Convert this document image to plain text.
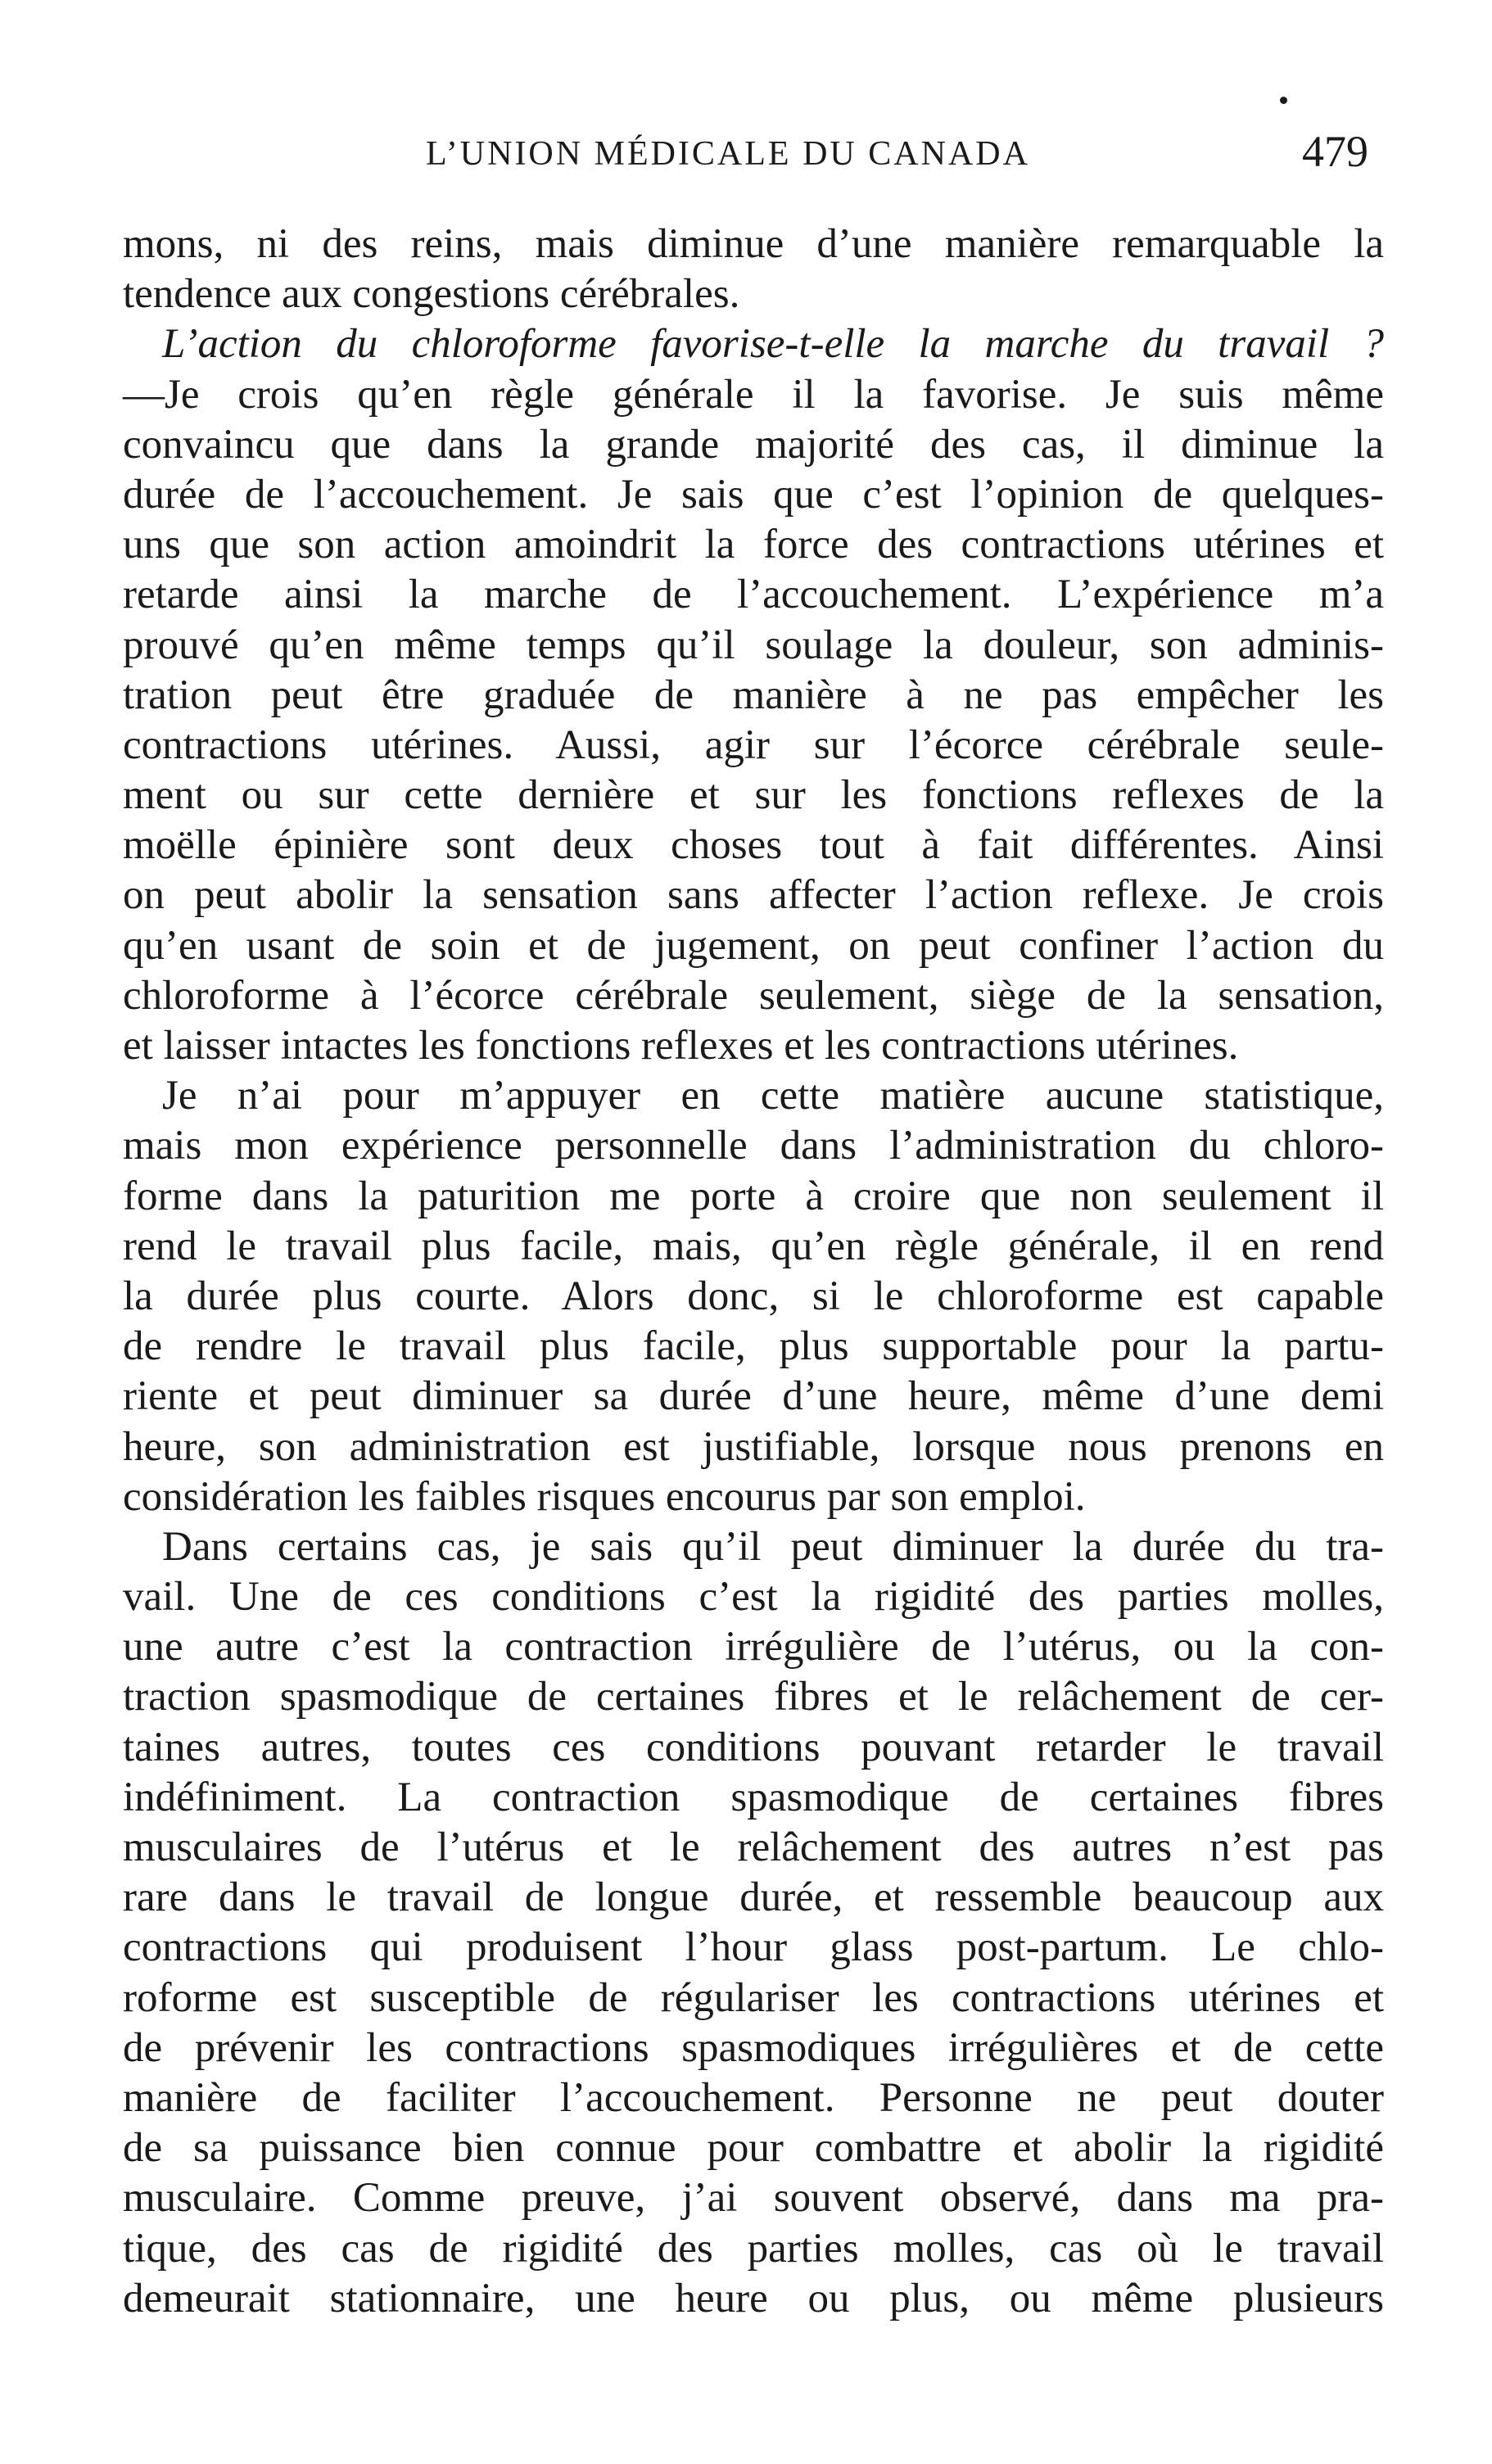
L’UNION MÉDICALE DU CANADA	479
mons, ni des reins, mais diminue d’une manière remarquable la
tendence aux congestions cérébrales.
L’action du chloroforme favorise-t-elle la marche du travail ?
—Je crois qu’en règle générale il la favorise. Je suis même
convaincu que dans la grande majorité des cas, il diminue la
durée de l’accouchement. Je sais que c’est l’opinion de quelques-
uns que son action amoindrit la force des contractions utérines et
retarde ainsi la marche de l’accouchement. L’expérience m’a
prouvé qu’en même temps qu’il soulage la douleur, son adminis-
tration peut être graduée de manière à ne pas empêcher les
contractions utérines. Aussi, agir sur l’écorce cérébrale seule-
ment ou sur cette dernière et sur les fonctions reflexes de la
moëlle épinière sont deux choses tout à fait différentes. Ainsi
on peut abolir la sensation sans affecter l’action reflexe. Je crois
qu’en usant de soin et de jugement, on peut confiner l’action du
chloroforme à l’écorce cérébrale seulement, siège de la sensation,
et laisser intactes les fonctions reflexes et les contractions utérines.
Je n’ai pour m’appuyer en cette matière aucune statistique,
mais mon expérience personnelle dans l’administration du chloro-
forme dans la paturition me porte à croire que non seulement il
rend le travail plus facile, mais, qu’en règle générale, il en rend
la durée plus courte. Alors donc, si le chloroforme est capable
de rendre le travail plus facile, plus supportable pour la partu-
riente et peut diminuer sa durée d’une heure, même d’une demi
heure, son administration est justifiable, lorsque nous prenons en
considération les faibles risques encourus par son emploi.
Dans certains cas, je sais qu’il peut diminuer la durée du tra-
vail. Une de ces conditions c’est la rigidité des parties molles,
une autre c’est la contraction irrégulière de l’utérus, ou la con-
traction spasmodique de certaines fibres et le relâchement de cer-
taines autres, toutes ces conditions pouvant retarder le travail
indéfiniment. La contraction spasmodique de certaines fibres
musculaires de l’utérus et le relâchement des autres n’est pas
rare dans le travail de longue durée, et ressemble beaucoup aux
contractions qui produisent l’hour glass post-partum. Le chlo-
roforme est susceptible de régulariser les contractions utérines et
de prévenir les contractions spasmodiques irrégulières et de cette
manière de faciliter l’accouchement. Personne ne peut douter
de sa puissance bien connue pour combattre et abolir la rigidité
musculaire. Comme preuve, j’ai souvent observé, dans ma pra-
tique, des cas de rigidité des parties molles, cas où le travail
demeurait stationnaire, une heure ou plus, ou même plusieurs
